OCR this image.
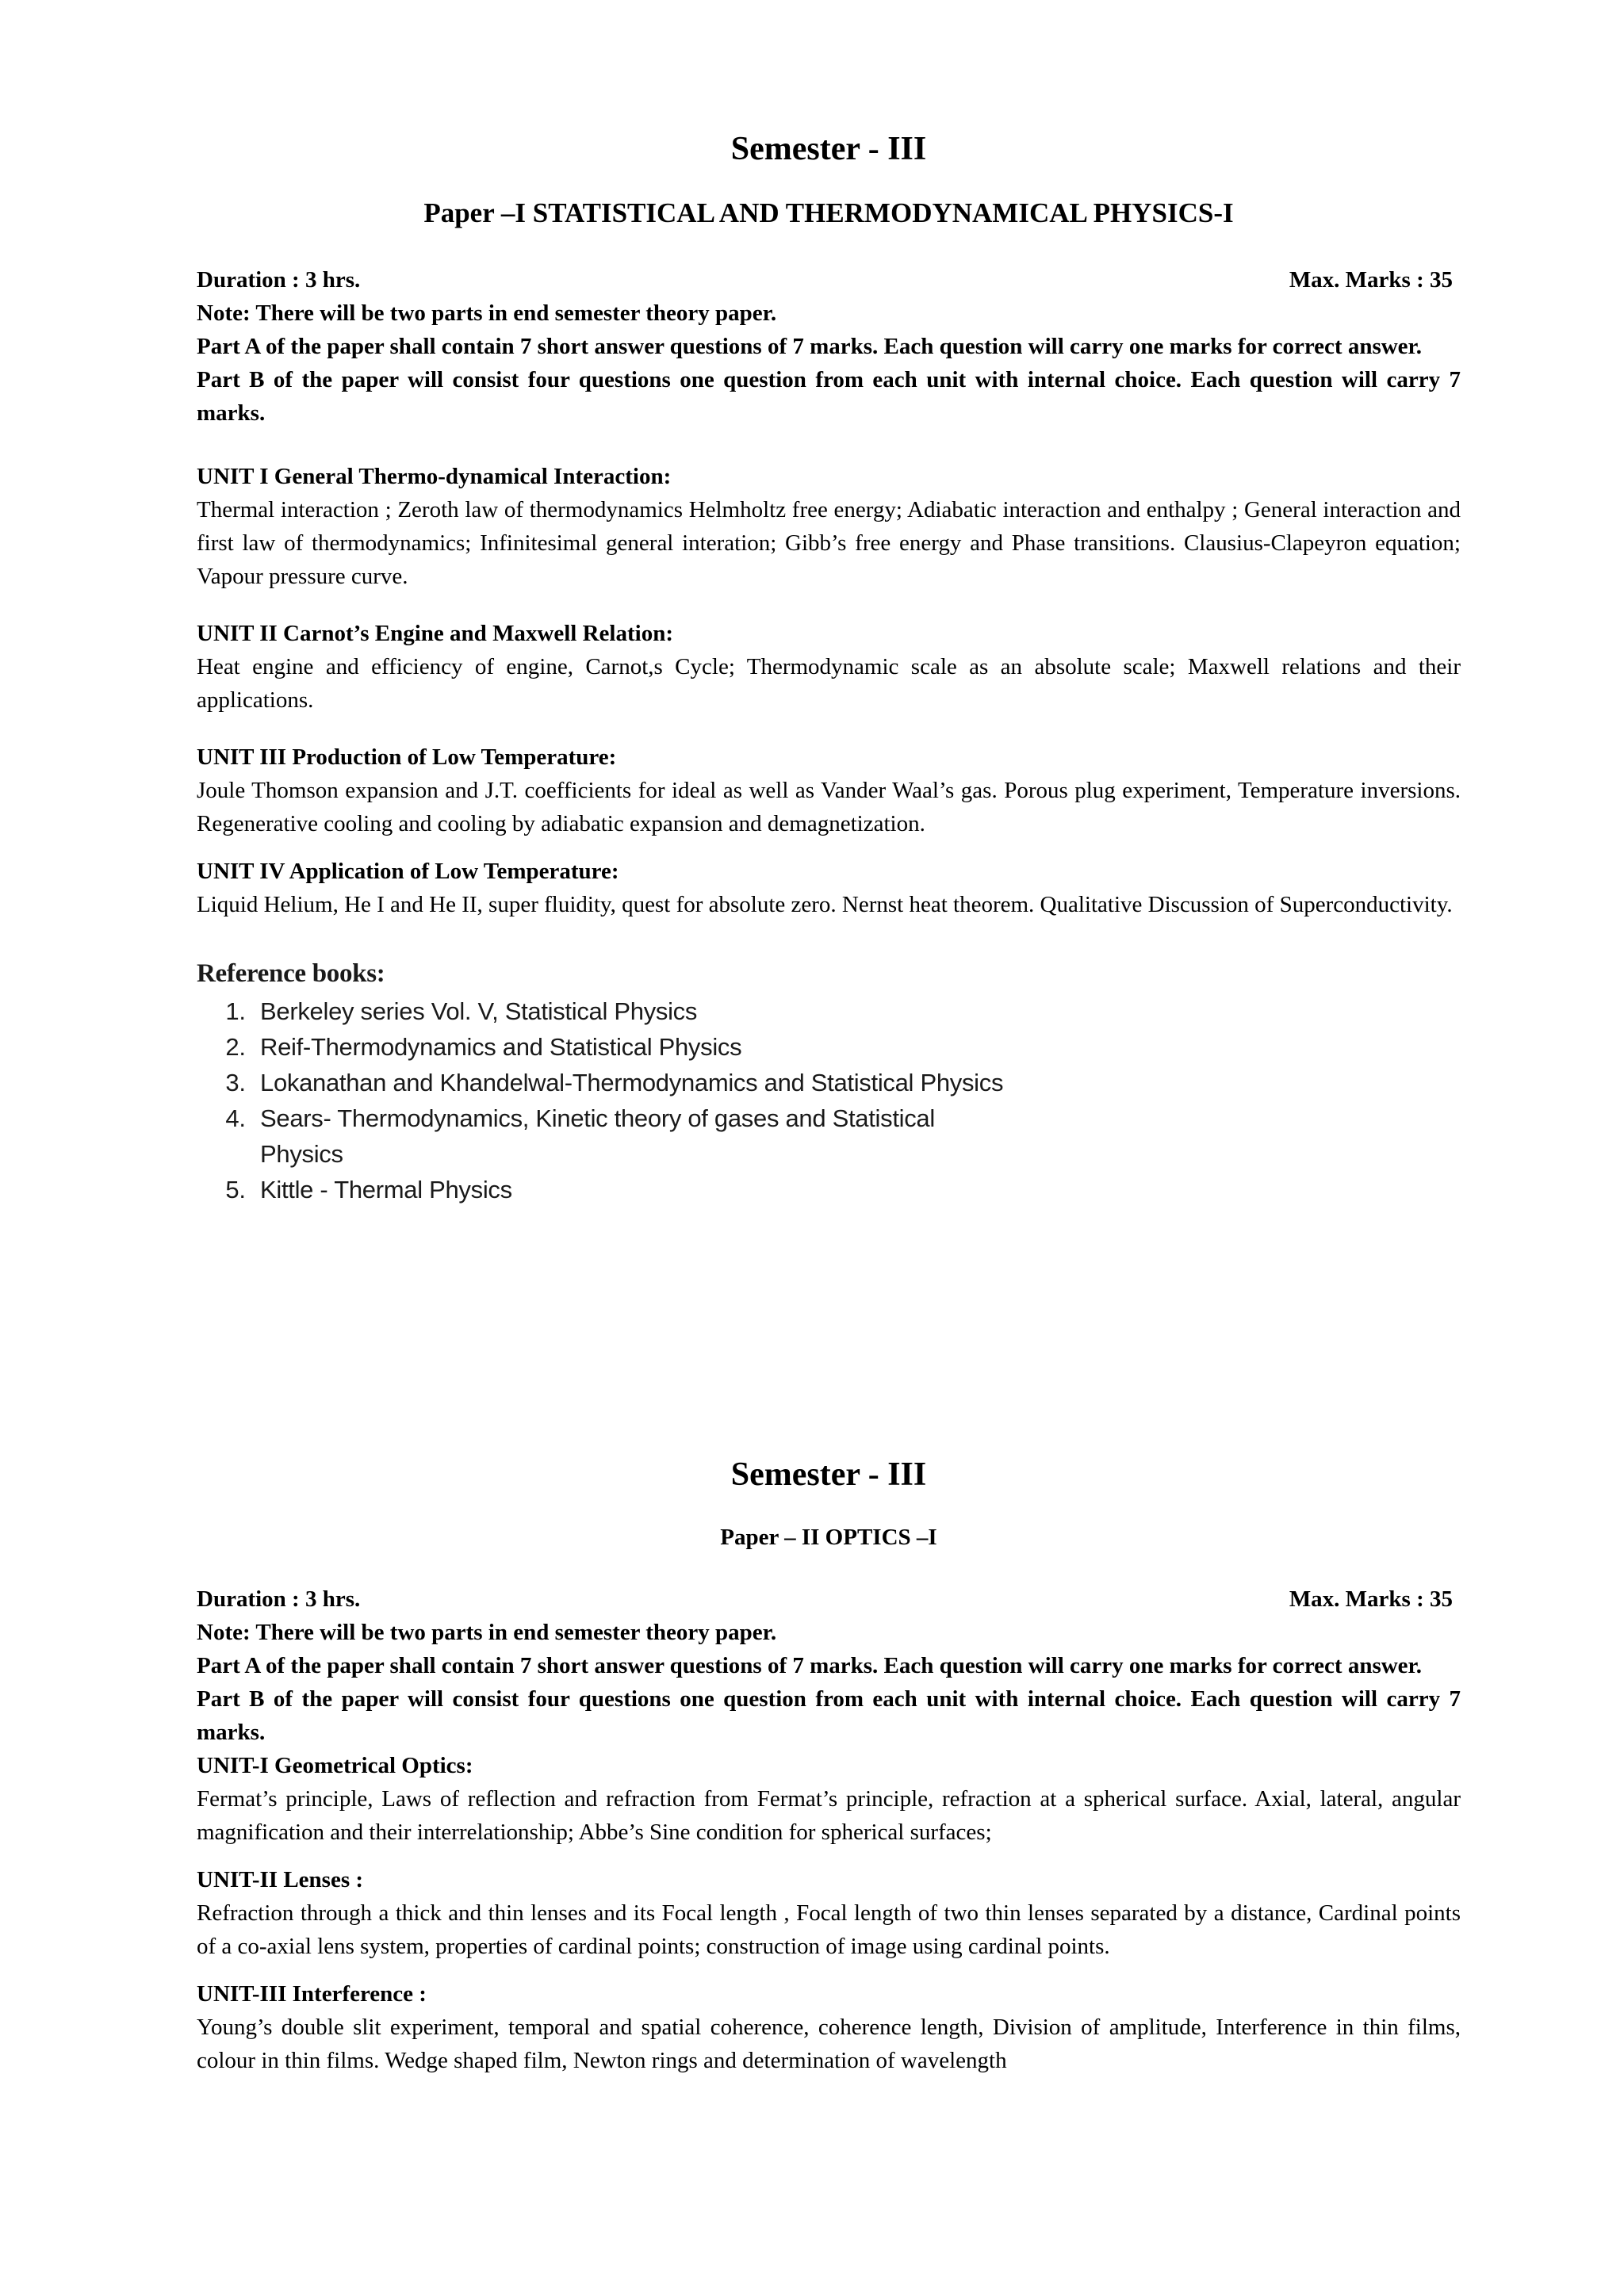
Semester - III
Paper –I STATISTICAL AND THERMODYNAMICAL PHYSICS-I
Duration : 3 hrs.	Max. Marks : 35

Note: There will be two parts in end semester theory paper.

Part A of the paper shall contain 7 short answer questions of 7 marks. Each question will carry one marks for correct answer.

Part B of the paper will consist four questions one question from each unit with internal choice. Each question will carry 7 marks.

UNIT I General Thermo-dynamical Interaction:
Thermal interaction ; Zeroth law of thermodynamics Helmholtz free energy; Adiabatic interaction and enthalpy ; General interaction and first law of thermodynamics; Infinitesimal general interation; Gibb’s free energy and Phase transitions. Clausius-Clapeyron equation; Vapour pressure curve.
UNIT II Carnot’s Engine and Maxwell Relation:
Heat engine and efficiency of engine, Carnot,s Cycle; Thermodynamic scale as an absolute scale; Maxwell relations and their applications.
UNIT III Production of Low Temperature:
Joule Thomson expansion and J.T. coefficients for ideal as well as Vander Waal’s gas. Porous plug experiment, Temperature inversions. Regenerative cooling and cooling by adiabatic expansion and demagnetization.
UNIT IV Application of Low Temperature:
Liquid Helium, He I and He II, super fluidity, quest for absolute zero. Nernst heat theorem. Qualitative Discussion of Superconductivity.
Reference books:
1. Berkeley series Vol. V, Statistical Physics
2. Reif-Thermodynamics and Statistical Physics
3. Lokanathan and Khandelwal-Thermodynamics and Statistical Physics
4. Sears- Thermodynamics, Kinetic theory of gases and Statistical Physics
5. Kittle - Thermal Physics
Semester - III
Paper – II OPTICS –I
Duration : 3 hrs.	Max. Marks : 35

Note: There will be two parts in end semester theory paper.

Part A of the paper shall contain 7 short answer questions of 7 marks. Each question will carry one marks for correct answer.

Part B of the paper will consist four questions one question from each unit with internal choice. Each question will carry 7 marks.

UNIT-I Geometrical Optics:
Fermat’s principle, Laws of reflection and refraction from Fermat’s principle, refraction at a spherical surface. Axial, lateral, angular magnification and their interrelationship; Abbe’s Sine condition for spherical surfaces;
UNIT-II Lenses :
Refraction through a thick and thin lenses and its Focal length , Focal length of two thin lenses separated by a distance, Cardinal points of a co-axial lens system, properties of cardinal points; construction of image using cardinal points.
UNIT-III Interference :
Young’s double slit experiment, temporal and spatial coherence, coherence length, Division of amplitude, Interference in thin films, colour in thin films. Wedge shaped film, Newton rings and determination of wavelength
